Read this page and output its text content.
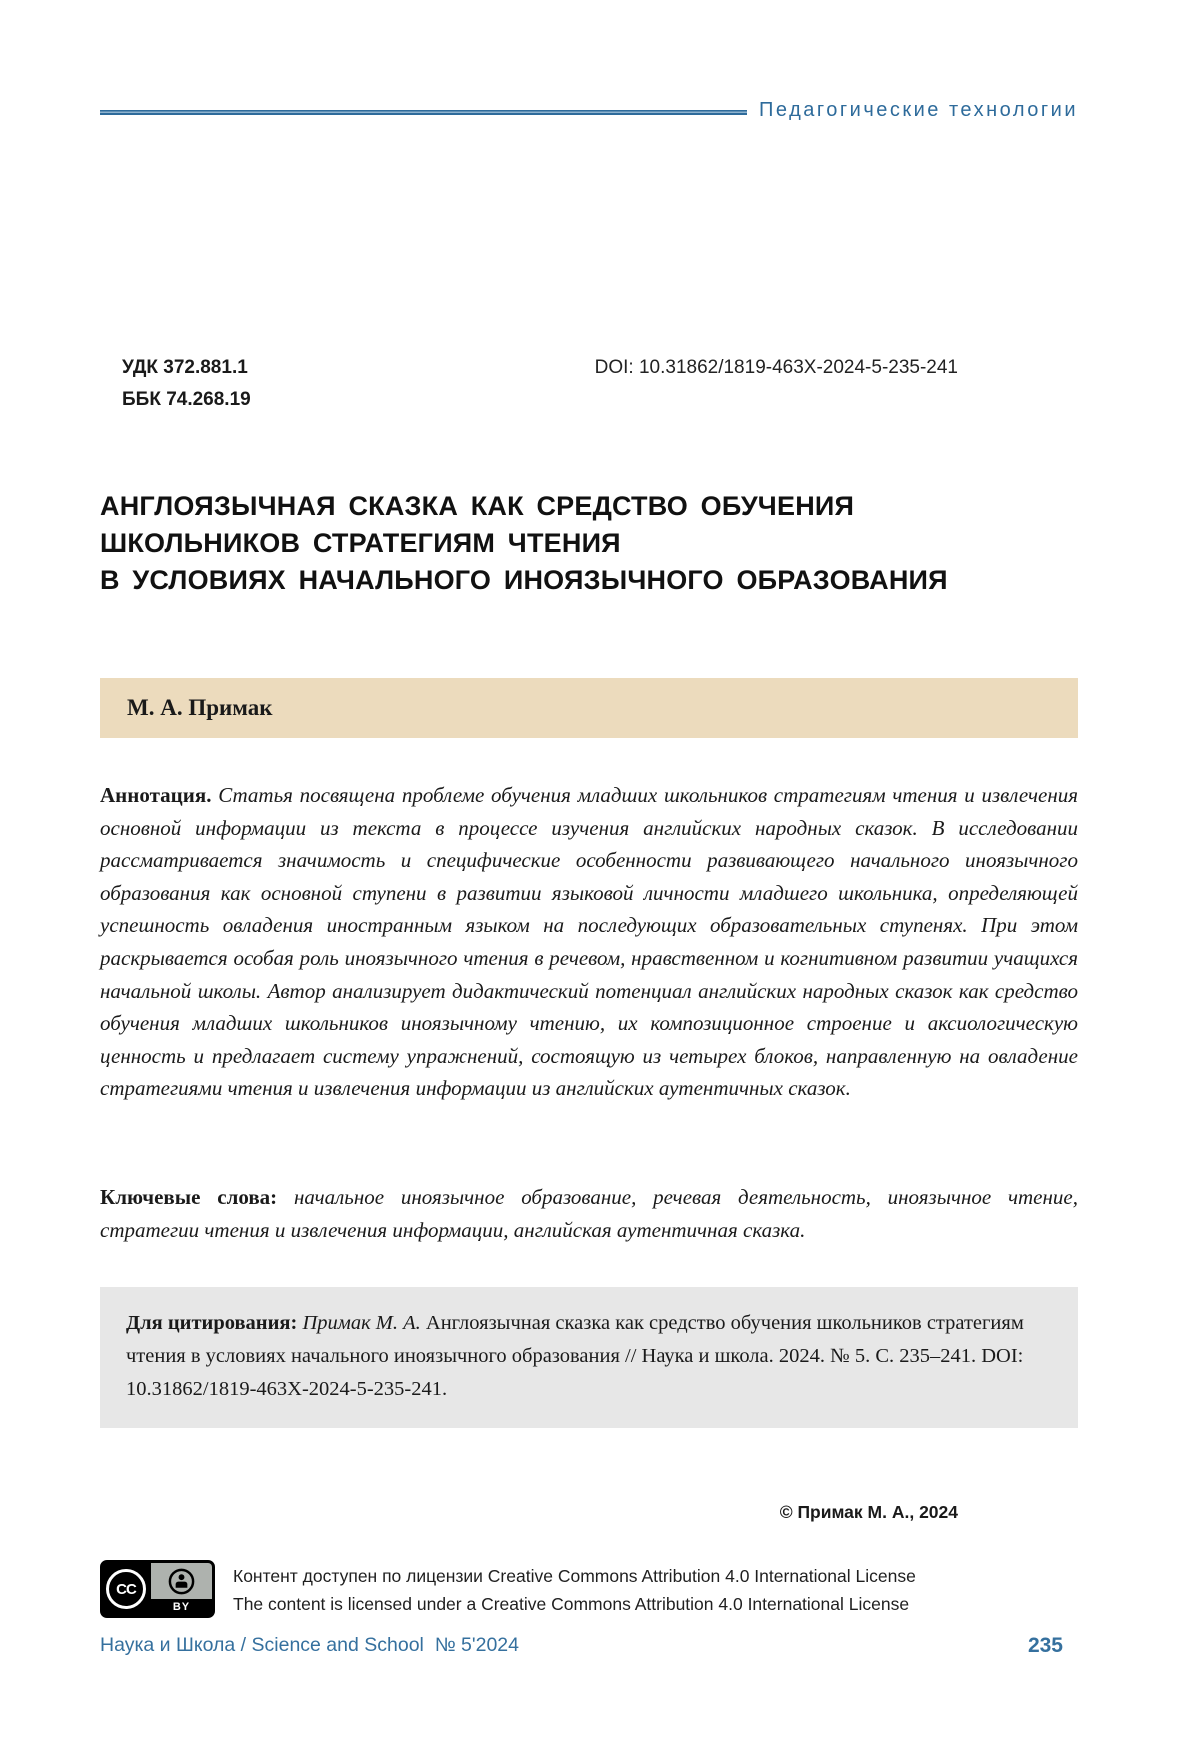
Педагогические технологии
УДК 372.881.1
ББК 74.268.19
DOI: 10.31862/1819-463X-2024-5-235-241
АНГЛОЯЗЫЧНАЯ СКАЗКА КАК СРЕДСТВО ОБУЧЕНИЯ
ШКОЛЬНИКОВ СТРАТЕГИЯМ ЧТЕНИЯ
В УСЛОВИЯХ НАЧАЛЬНОГО ИНОЯЗЫЧНОГО ОБРАЗОВАНИЯ
М. А. Примак

Аннотация. Статья посвящена проблеме обучения младших школьников стратегиям чтения и извлечения основной информации из текста в процессе изучения английских народных сказок. В исследовании рассматривается значимость и специфические особенности развивающего начального иноязычного образования как основной ступени в развитии языковой личности младшего школьника, определяющей успешность овладения иностранным языком на последующих образовательных ступенях. При этом раскрывается особая роль иноязычного чтения в речевом, нравственном и когнитивном развитии учащихся начальной школы. Автор анализирует дидактический потенциал английских народных сказок как средство обучения младших школьников иноязычному чтению, их композиционное строение и аксиологическую ценность и предлагает систему упражнений, состоящую из четырех блоков, направленную на овладение стратегиями чтения и извлечения информации из английских аутентичных сказок.

Ключевые слова: начальное иноязычное образование, речевая деятельность, иноязычное чтение, стратегии чтения и извлечения информации, английская аутентичная сказка.

Для цитирования: Примак М. А. Англоязычная сказка как средство обучения школьников стратегиям чтения в условиях начального иноязычного образования // Наука и школа. 2024. № 5. С. 235–241. DOI: 10.31862/1819-463X-2024-5-235-241.
© Примак М. А., 2024
CC
BY
Контент доступен по лицензии Creative Commons Attribution 4.0 International License
The content is licensed under a Creative Commons Attribution 4.0 International License
Наука и Школа / Science and School  № 5'2024	235
